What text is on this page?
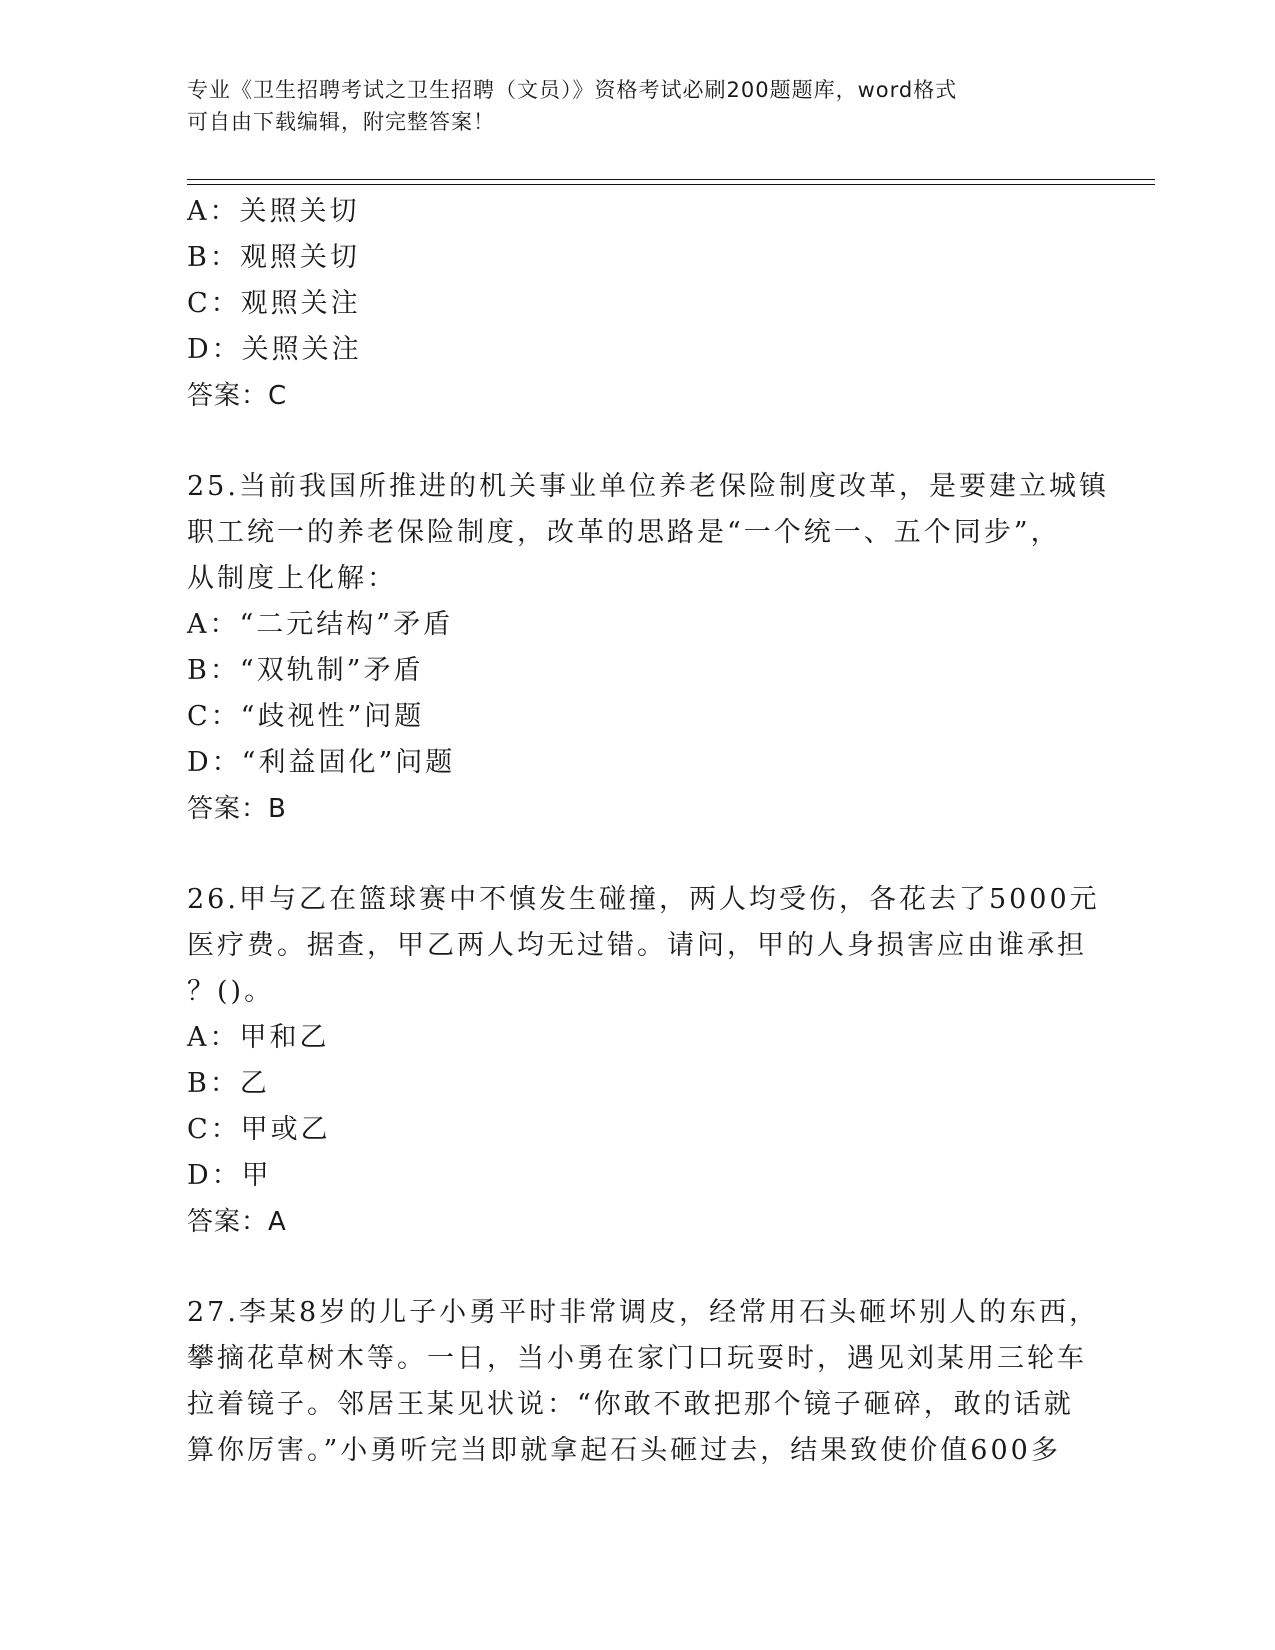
专业《卫生招聘考试之卫生招聘（文员）》资格考试必刷200题题库，word格式
可自由下载编辑，附完整答案！
A：关照关切
B：观照关切
C：观照关注
D：关照关注
答案：C
25.当前我国所推进的机关事业单位养老保险制度改革，是要建立城镇
职工统一的养老保险制度，改革的思路是“一个统一、五个同步”，
从制度上化解：
A：“二元结构”矛盾
B：“双轨制”矛盾
C：“歧视性”问题
D：“利益固化”问题
答案：B
26.甲与乙在篮球赛中不慎发生碰撞，两人均受伤，各花去了5000元
医疗费。据查，甲乙两人均无过错。请问，甲的人身损害应由谁承担
？()。
A：甲和乙
B：乙
C：甲或乙
D：甲
答案：A
27.李某8岁的儿子小勇平时非常调皮，经常用石头砸坏别人的东西，
攀摘花草树木等。一日，当小勇在家门口玩耍时，遇见刘某用三轮车
拉着镜子。邻居王某见状说：“你敢不敢把那个镜子砸碎，敢的话就
算你厉害。”小勇听完当即就拿起石头砸过去，结果致使价值600多
